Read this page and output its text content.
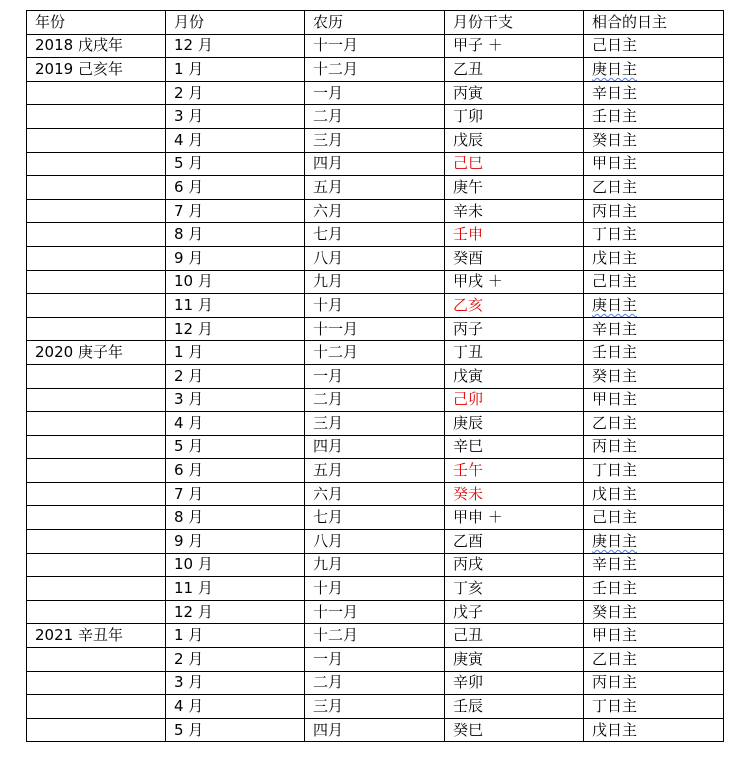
年份	月份	农历	月份干支	相合的日主
2018 戊戌年	12 月	十一月	甲子 ＋	己日主
2019 己亥年	1 月	十二月	乙丑	庚日主
	2 月	一月	丙寅	辛日主
	3 月	二月	丁卯	壬日主
	4 月	三月	戊辰	癸日主
	5 月	四月	己巳	甲日主
	6 月	五月	庚午	乙日主
	7 月	六月	辛未	丙日主
	8 月	七月	壬申	丁日主
	9 月	八月	癸酉	戊日主
	10 月	九月	甲戌 ＋	己日主
	11 月	十月	乙亥	庚日主
	12 月	十一月	丙子	辛日主
2020 庚子年	1 月	十二月	丁丑	壬日主
	2 月	一月	戊寅	癸日主
	3 月	二月	己卯	甲日主
	4 月	三月	庚辰	乙日主
	5 月	四月	辛巳	丙日主
	6 月	五月	壬午	丁日主
	7 月	六月	癸未	戊日主
	8 月	七月	甲申 ＋	己日主
	9 月	八月	乙酉	庚日主
	10 月	九月	丙戌	辛日主
	11 月	十月	丁亥	壬日主
	12 月	十一月	戊子	癸日主
2021 辛丑年	1 月	十二月	己丑	甲日主
	2 月	一月	庚寅	乙日主
	3 月	二月	辛卯	丙日主
	4 月	三月	壬辰	丁日主
	5 月	四月	癸巳	戊日主
